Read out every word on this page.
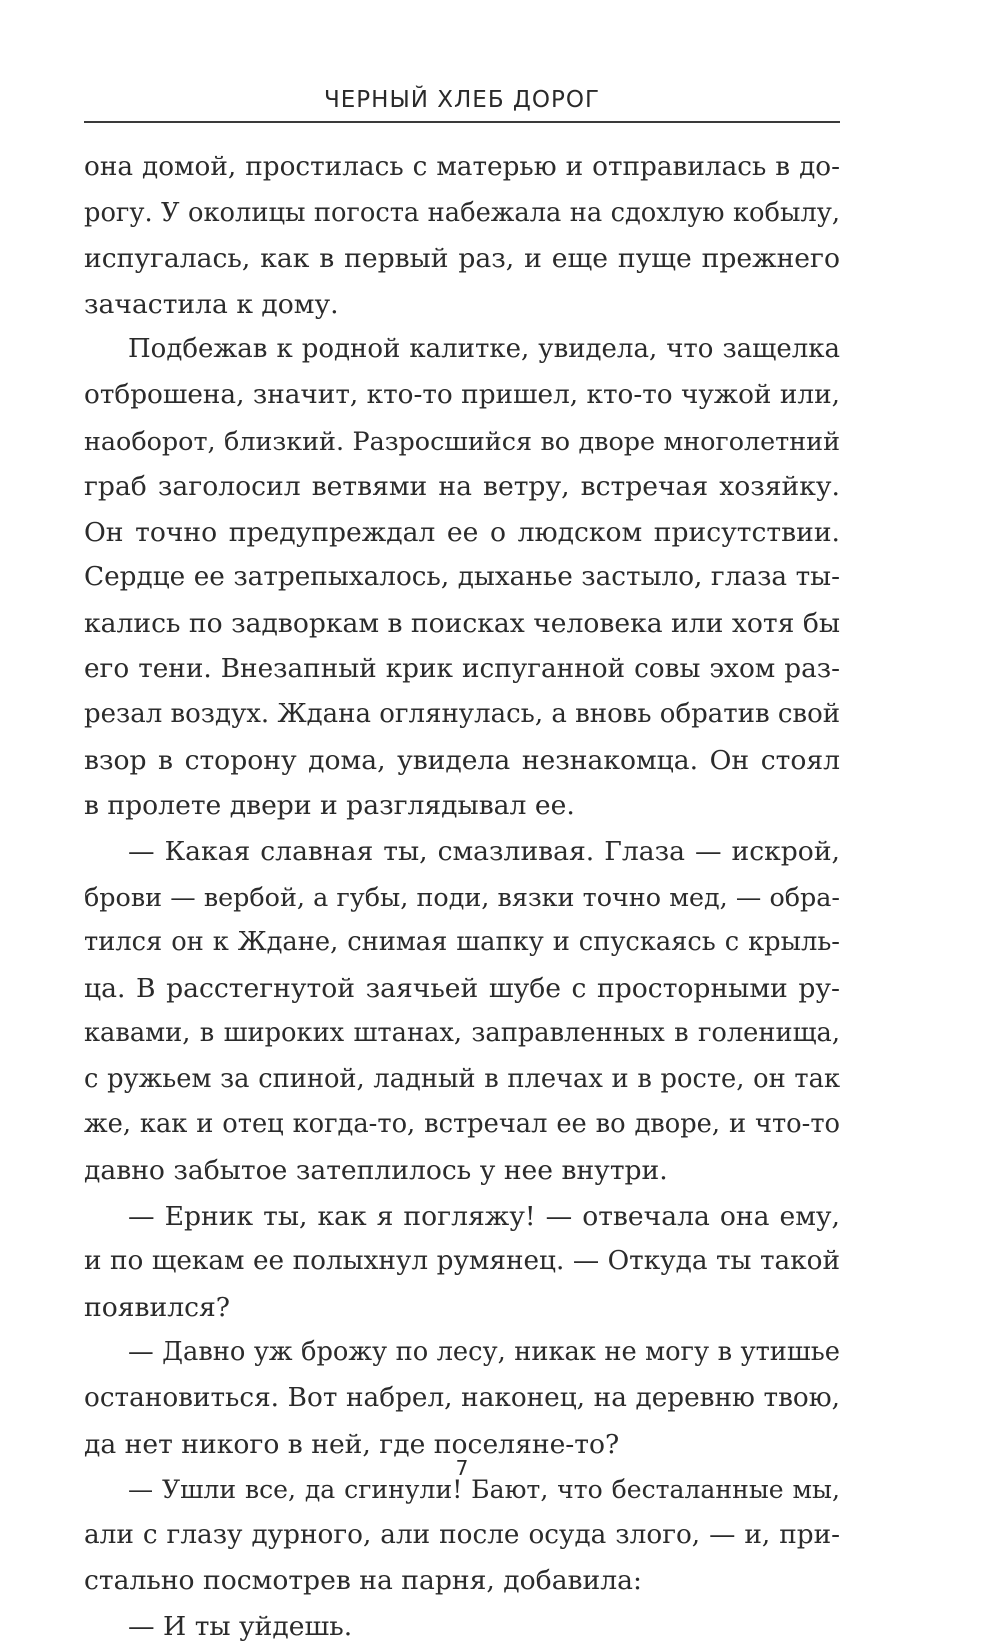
ЧЕРНЫЙ ХЛЕБ ДОРОГ
она домой, простилась с матерью и отправилась в до-
рогу. У околицы погоста набежала на сдохлую кобылу,
испугалась, как в первый раз, и еще пуще прежнего
зачастила к дому.
Подбежав к родной калитке, увидела, что защелка
отброшена, значит, кто-то пришел, кто-то чужой или,
наоборот, близкий. Разросшийся во дворе многолетний
граб заголосил ветвями на ветру, встречая хозяйку.
Он точно предупреждал ее о людском присутствии.
Сердце ее затрепыхалось, дыханье застыло, глаза ты-
кались по задворкам в поисках человека или хотя бы
его тени. Внезапный крик испуганной совы эхом раз-
резал воздух. Ждана оглянулась, а вновь обратив свой
взор в сторону дома, увидела незнакомца. Он стоял
в пролете двери и разглядывал ее.
— Какая славная ты, смазливая. Глаза — искрой,
брови — вербой, а губы, поди, вязки точно мед, — обра-
тился он к Ждане, снимая шапку и спускаясь с крыль-
ца. В расстегнутой заячьей шубе с просторными ру-
кавами, в широких штанах, заправленных в голенища,
с ружьем за спиной, ладный в плечах и в росте, он так
же, как и отец когда-то, встречал ее во дворе, и что-то
давно забытое затеплилось у нее внутри.
— Ерник ты, как я погляжу! — отвечала она ему,
и по щекам ее полыхнул румянец. — Откуда ты такой
появился?
— Давно уж брожу по лесу, никак не могу в утишье
остановиться. Вот набрел, наконец, на деревню твою,
да нет никого в ней, где поселяне-то?
— Ушли все, да сгинули! Бают, что бесталанные мы,
али с глазу дурного, али после осуда злого, — и, при-
стально посмотрев на парня, добавила:
— И ты уйдешь.
7
